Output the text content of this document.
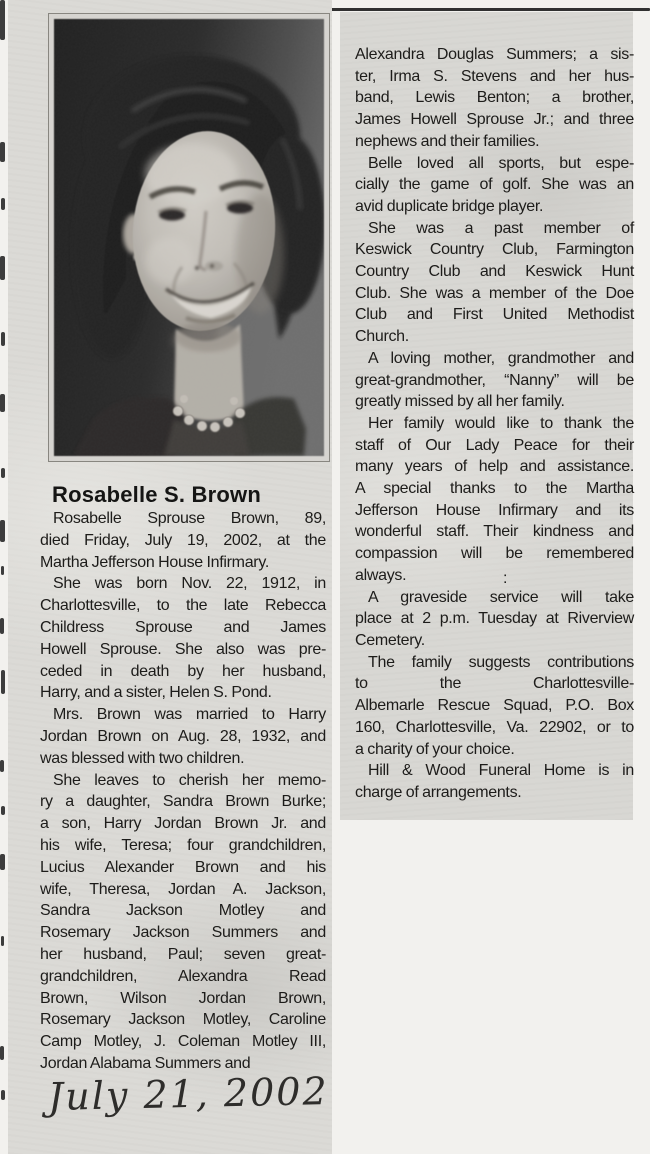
Rosabelle S. Brown
Rosabelle Sprouse Brown, 89,
died Friday, July 19, 2002, at the
Martha Jefferson House Infirmary.
She was born Nov. 22, 1912, in
Charlottesville, to the late Rebecca
Childress Sprouse and James
Howell Sprouse. She also was pre-
ceded in death by her husband,
Harry, and a sister, Helen S. Pond.
Mrs. Brown was married to Harry
Jordan Brown on Aug. 28, 1932, and
was blessed with two children.
She leaves to cherish her memo-
ry a daughter, Sandra Brown Burke;
a son, Harry Jordan Brown Jr. and
his wife, Teresa; four grandchildren,
Lucius Alexander Brown and his
wife, Theresa, Jordan A. Jackson,
Sandra Jackson Motley and
Rosemary Jackson Summers and
her husband, Paul; seven great-
grandchildren, Alexandra Read
Brown, Wilson Jordan Brown,
Rosemary Jackson Motley, Caroline
Camp Motley, J. Coleman Motley III,
Jordan Alabama Summers and
July 21, 2002
Alexandra Douglas Summers; a sis-
ter, Irma S. Stevens and her hus-
band, Lewis Benton; a brother,
James Howell Sprouse Jr.; and three
nephews and their families.
Belle loved all sports, but espe-
cially the game of golf. She was an
avid duplicate bridge player.
She was a past member of
Keswick Country Club, Farmington
Country Club and Keswick Hunt
Club. She was a member of the Doe
Club and First United Methodist
Church.
A loving mother, grandmother and
great-grandmother, “Nanny” will be
greatly missed by all her family.
Her family would like to thank the
staff of Our Lady Peace for their
many years of help and assistance.
A special thanks to the Martha
Jefferson House Infirmary and its
wonderful staff. Their kindness and
compassion will be remembered
always.
A graveside service will take
place at 2 p.m. Tuesday at Riverview
Cemetery.
The family suggests contributions
to the Charlottesville-
Albemarle Rescue Squad, P.O. Box
160, Charlottesville, Va. 22902, or to
a charity of your choice.
Hill & Wood Funeral Home is in
charge of arrangements.
:
